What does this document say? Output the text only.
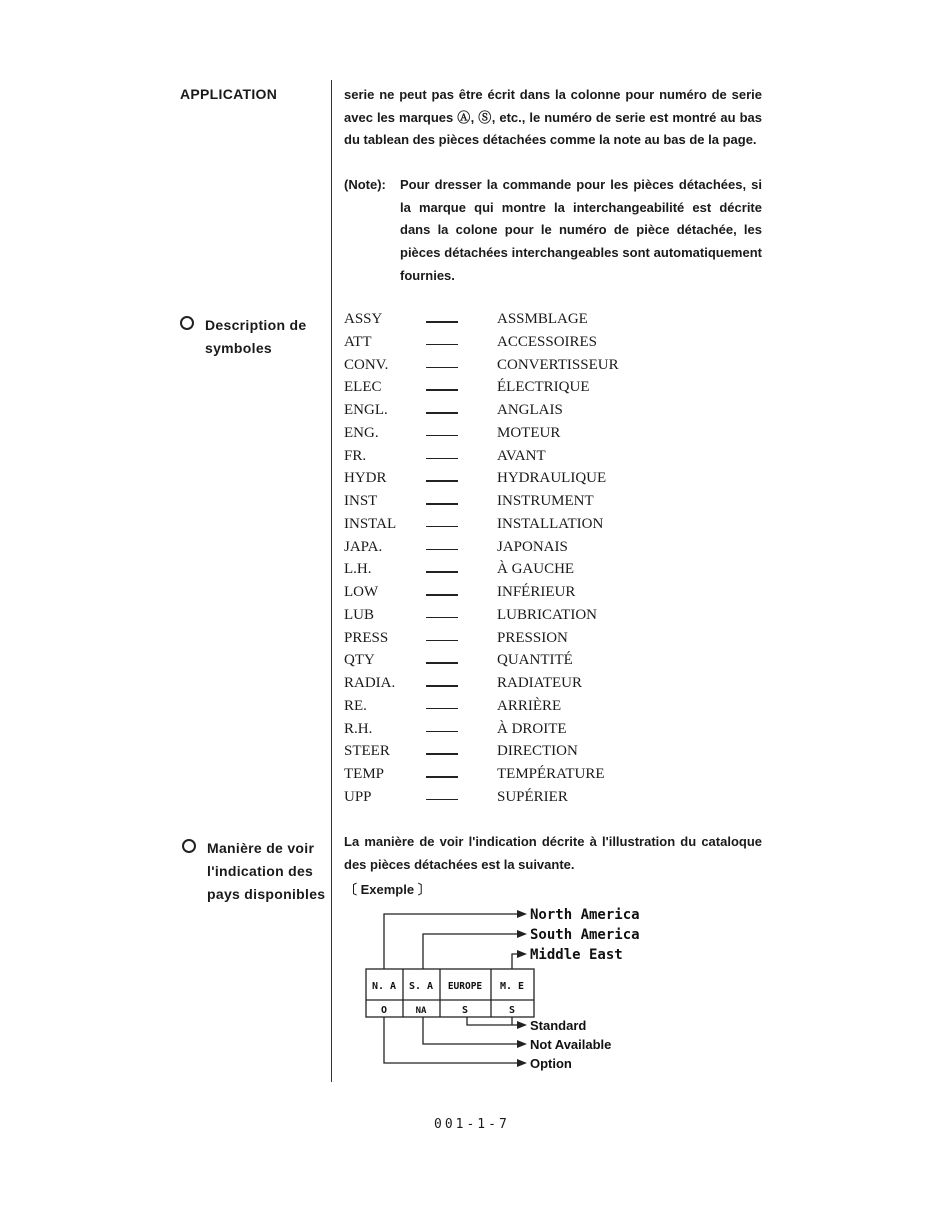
APPLICATION
Description de
symboles
Manière de voir
l'indication des
pays disponibles
serie ne peut pas être écrit dans la colonne pour numéro de serie avec les marques Ⓐ, Ⓢ, etc., le numéro de serie est montré au bas du tablean des pièces détachées comme la note au bas de la page.
(Note): Pour dresser la commande pour les pièces détachées, si la marque qui montre la interchangeabilité est décrite dans la colone pour le numéro de pièce détachée, les pièces détachées interchangeables sont automatiquement fournies.
ASSY	ASSMBLAGE
ATT	ACCESSOIRES
CONV.	CONVERTISSEUR
ELEC	ÉLECTRIQUE
ENGL.	ANGLAIS
ENG.	MOTEUR
FR.	AVANT
HYDR	HYDRAULIQUE
INST	INSTRUMENT
INSTAL	INSTALLATION
JAPA.	JAPONAIS
L.H.	À GAUCHE
LOW	INFÉRIEUR
LUB	LUBRICATION
PRESS	PRESSION
QTY	QUANTITÉ
RADIA.	RADIATEUR
RE.	ARRIÈRE
R.H.	À DROITE
STEER	DIRECTION
TEMP	TEMPÉRATURE
UPP	SUPÉRIER
La manière de voir l'indication décrite à l'illustration du cataloque des pièces détachées est la suivante.
〔 Exemple 〕
N. A S. A EUROPE M. E
O	NA	S	S
North America
South America
Middle East
Standard
Not Available
Option
001-1-7
